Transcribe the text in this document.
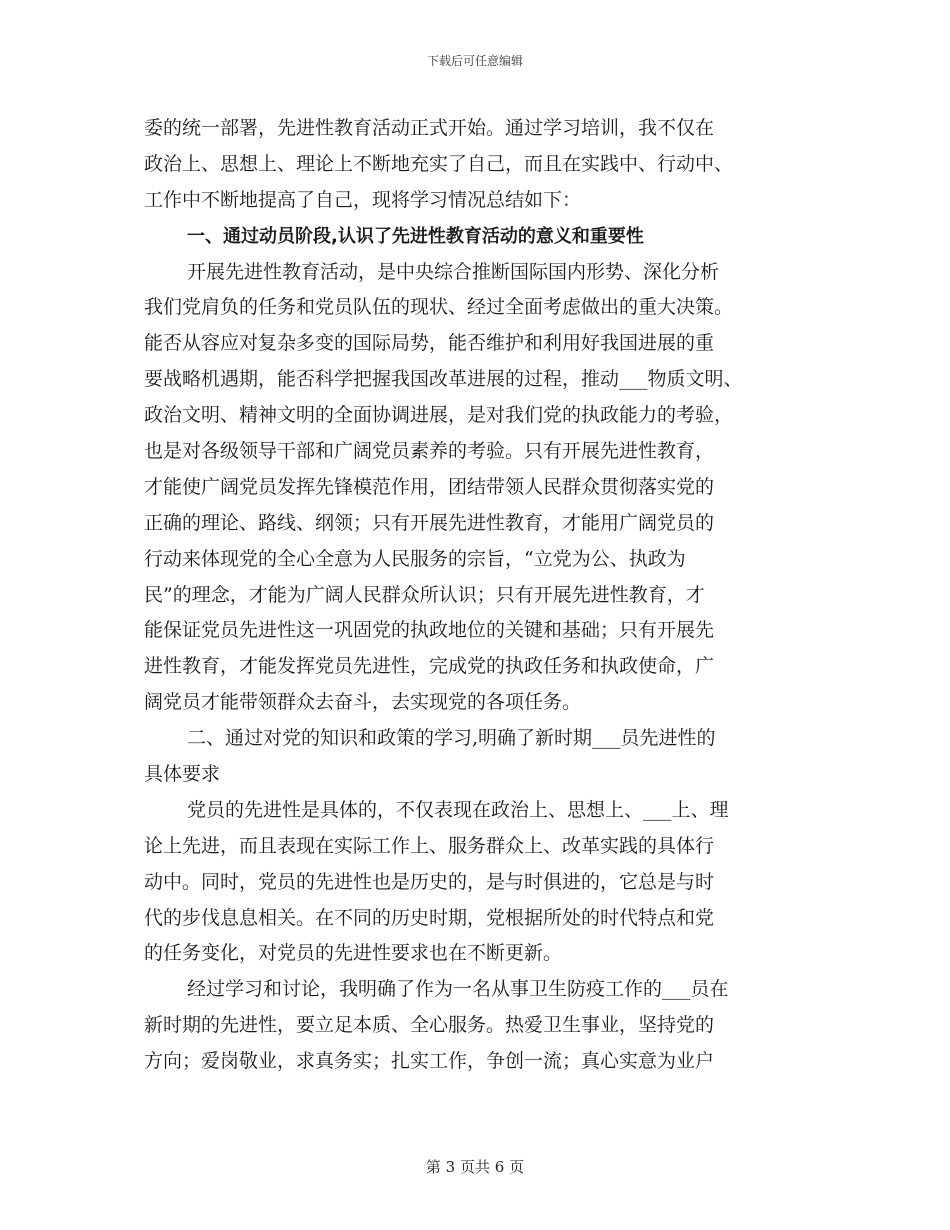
下载后可任意编辑
委的统一部署，先进性教育活动正式开始。通过学习培训，我不仅在
政治上、思想上、理论上不断地充实了自己，而且在实践中、行动中、
工作中不断地提高了自己，现将学习情况总结如下：
一、通过动员阶段,认识了先进性教育活动的意义和重要性
开展先进性教育活动，是中央综合推断国际国内形势、深化分析
我们党肩负的任务和党员队伍的现状、经过全面考虑做出的重大决策。
能否从容应对复杂多变的国际局势，能否维护和利用好我国进展的重
要战略机遇期，能否科学把握我国改革进展的过程，推动___物质文明、
政治文明、精神文明的全面协调进展，是对我们党的执政能力的考验，
也是对各级领导干部和广阔党员素养的考验。只有开展先进性教育，
才能使广阔党员发挥先锋模范作用，团结带领人民群众贯彻落实党的
正确的理论、路线、纲领；只有开展先进性教育，才能用广阔党员的
行动来体现党的全心全意为人民服务的宗旨，“立党为公、执政为
民”的理念，才能为广阔人民群众所认识；只有开展先进性教育，才
能保证党员先进性这一巩固党的执政地位的关键和基础；只有开展先
进性教育，才能发挥党员先进性，完成党的执政任务和执政使命，广
阔党员才能带领群众去奋斗，去实现党的各项任务。
二、通过对党的知识和政策的学习,明确了新时期___员先进性的
具体要求
党员的先进性是具体的，不仅表现在政治上、思想上、___上、理
论上先进，而且表现在实际工作上、服务群众上、改革实践的具体行
动中。同时，党员的先进性也是历史的，是与时俱进的，它总是与时
代的步伐息息相关。在不同的历史时期，党根据所处的时代特点和党
的任务变化，对党员的先进性要求也在不断更新。
经过学习和讨论，我明确了作为一名从事卫生防疫工作的___员在
新时期的先进性，要立足本质、全心服务。热爱卫生事业，坚持党的
方向；爱岗敬业，求真务实；扎实工作，争创一流；真心实意为业户
第 3 页共 6 页
